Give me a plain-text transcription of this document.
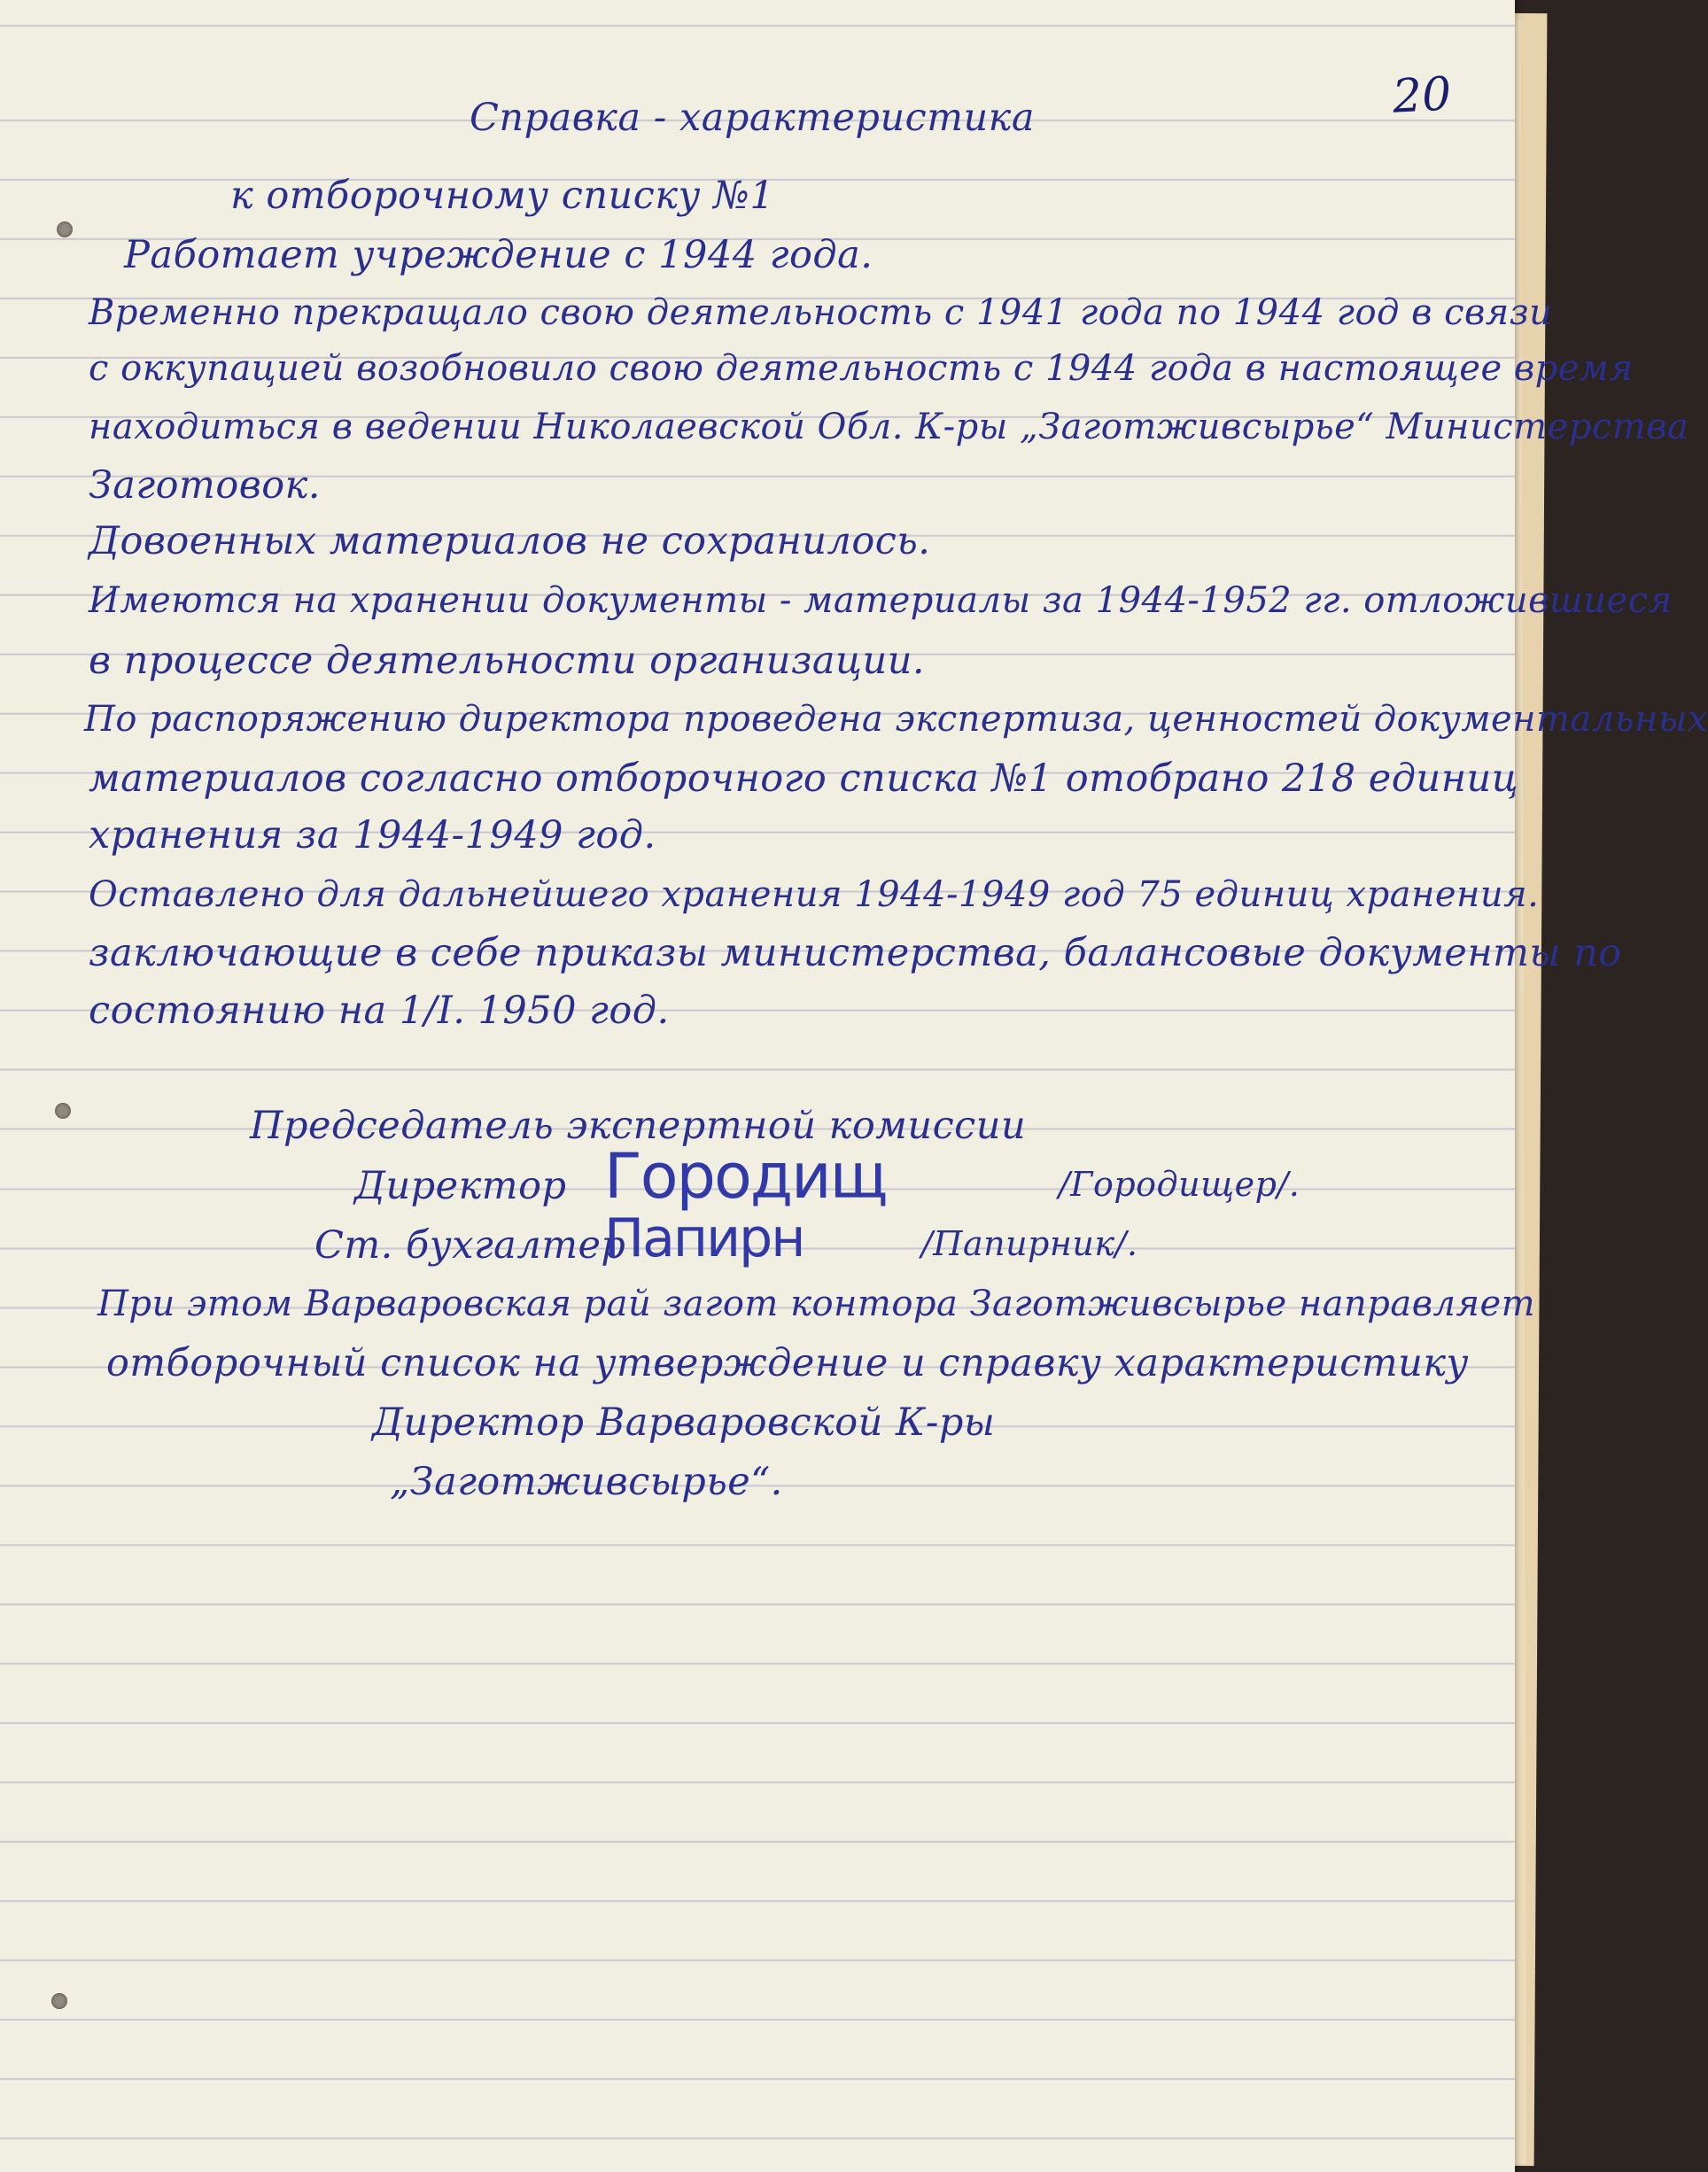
20
Справка - характеристика
к отборочному списку №1
Работает учреждение с 1944 года.
Временно прекращало свою деятельность с 1941 года по 1944 год в связи
с оккупацией возобновило свою деятельность с 1944 года в настоящее время
находиться в ведении Николаевской Обл. К-ры „Заготживсырье“ Министерства
Заготовок.
Довоенных материалов не сохранилось.
Имеются на хранении документы - материалы за 1944-1952 гг. отложившиеся
в процессе деятельности организации.
По распоряжению директора проведена экспертиза, ценностей документальных
материалов согласно отборочного списка №1 отобрано 218 единиц
хранения за 1944-1949 год.
Оставлено для дальнейшего хранения 1944-1949 год 75 единиц хранения.
заключающие в себе приказы министерства, балансовые документы по
состоянию на 1/I. 1950 год.
Председатель экспертной комиссии
Директор Городищ	/Городищер/.
Ст. бухгалтер
Папирн	/Папирник/.
При этом Варваровская рай загот контора Заготживсырье направляет
отборочный список на утверждение и справку характеристику
Директор Варваровской К-ры
„Заготживсырье“.
